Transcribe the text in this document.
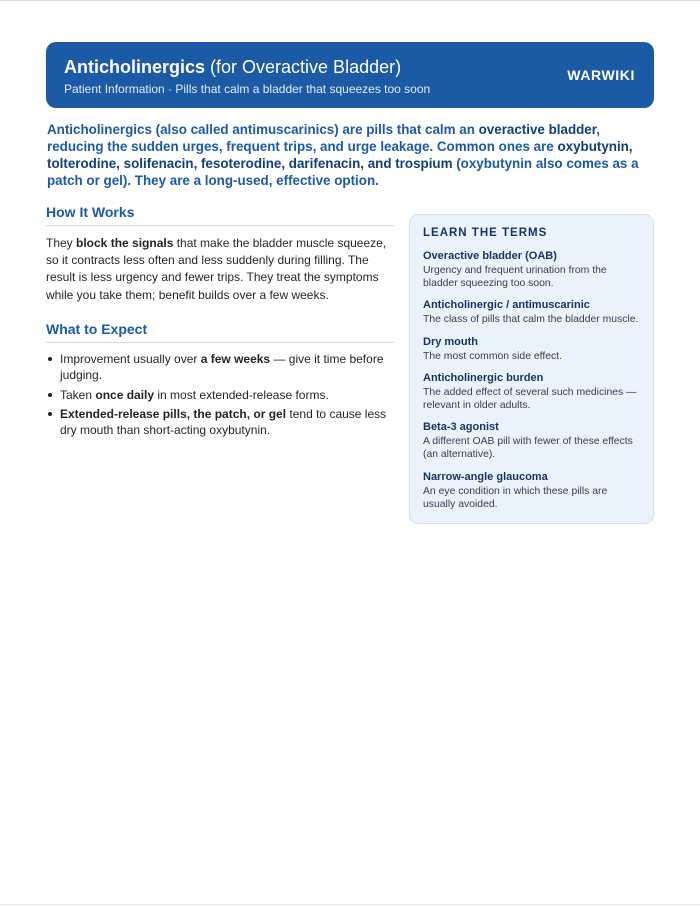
Anticholinergics (for Overactive Bladder)
Patient Information · Pills that calm a bladder that squeezes too soon
WARWIKI

Anticholinergics (also called antimuscarinics) are pills that calm an overactive bladder, reducing the sudden urges, frequent trips, and urge leakage. Common ones are oxybutynin, tolterodine, solifenacin, fesoterodine, darifenacin, and trospium (oxybutynin also comes as a patch or gel). They are a long-used, effective option.

How It Works

They block the signals that make the bladder muscle squeeze, so it contracts less often and less suddenly during filling. The result is less urgency and fewer trips. They treat the symptoms while you take them; benefit builds over a few weeks.

What to Expect
Improvement usually over a few weeks — give it time before judging.
Taken once daily in most extended-release forms.
Extended-release pills, the patch, or gel tend to cause less dry mouth than short-acting oxybutynin.
LEARN THE TERMS
Overactive bladder (OAB)
Urgency and frequent urination from the bladder squeezing too soon.
Anticholinergic / antimuscarinic
The class of pills that calm the bladder muscle.
Dry mouth
The most common side effect.
Anticholinergic burden
The added effect of several such medicines — relevant in older adults.
Beta-3 agonist
A different OAB pill with fewer of these effects (an alternative).
Narrow-angle glaucoma
An eye condition in which these pills are usually avoided.
